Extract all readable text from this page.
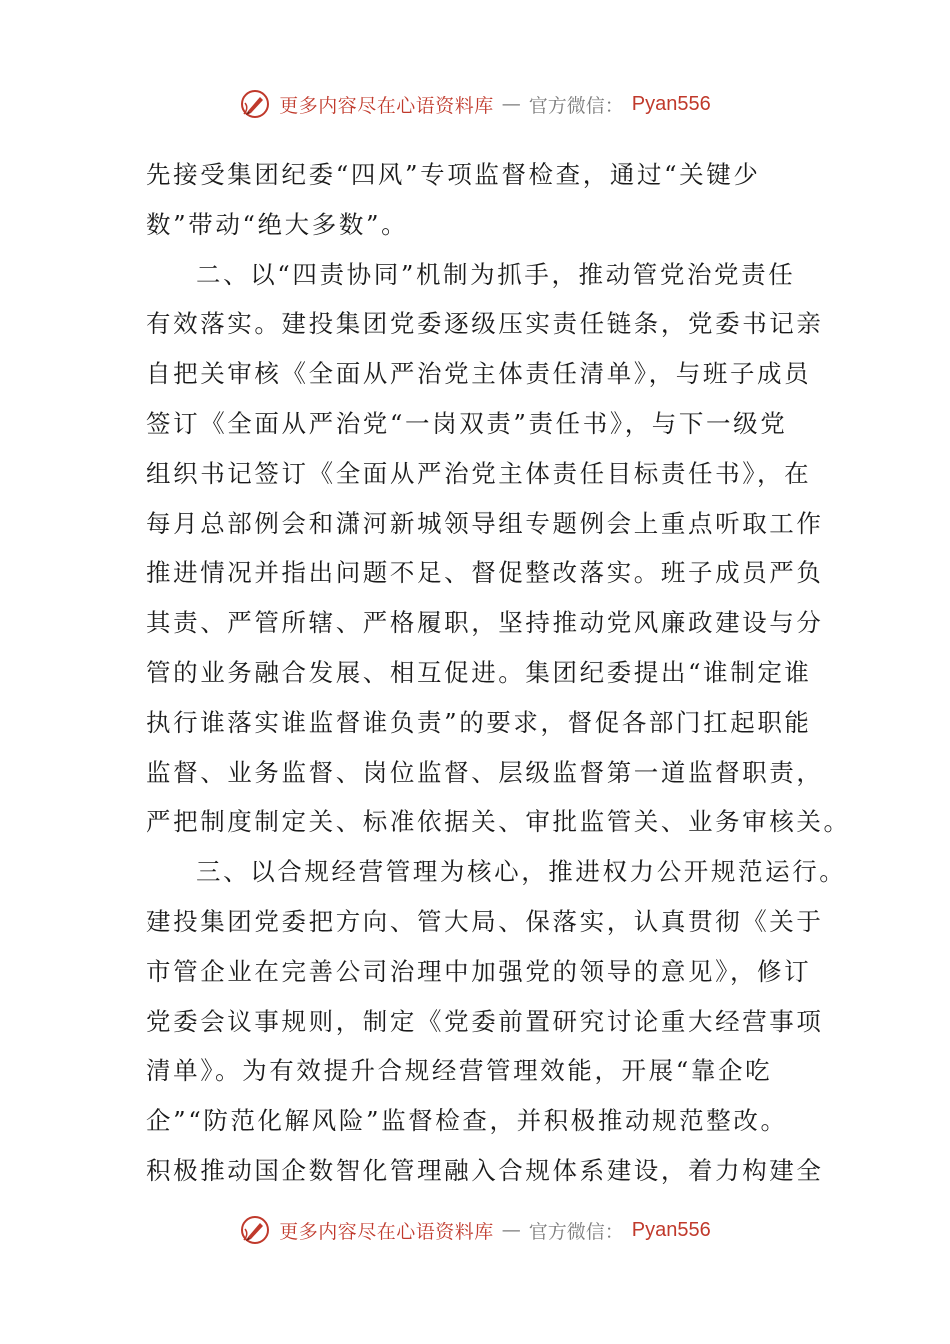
更多内容尽在心语资料库 — 官方微信： Pyan556
先接受集团纪委“四风”专项监督检查，通过“关键少
数”带动“绝大多数”。
二、以“四责协同”机制为抓手，推动管党治党责任
有效落实。建投集团党委逐级压实责任链条，党委书记亲
自把关审核《全面从严治党主体责任清单》，与班子成员
签订《全面从严治党“一岗双责”责任书》，与下一级党
组织书记签订《全面从严治党主体责任目标责任书》，在
每月总部例会和潇河新城领导组专题例会上重点听取工作
推进情况并指出问题不足、督促整改落实。班子成员严负
其责、严管所辖、严格履职，坚持推动党风廉政建设与分
管的业务融合发展、相互促进。集团纪委提出“谁制定谁
执行谁落实谁监督谁负责”的要求，督促各部门扛起职能
监督、业务监督、岗位监督、层级监督第一道监督职责，
严把制度制定关、标准依据关、审批监管关、业务审核关。
三、以合规经营管理为核心，推进权力公开规范运行。
建投集团党委把方向、管大局、保落实，认真贯彻《关于
市管企业在完善公司治理中加强党的领导的意见》，修订
党委会议事规则，制定《党委前置研究讨论重大经营事项
清单》。为有效提升合规经营管理效能，开展“靠企吃
企”“防范化解风险”监督检查，并积极推动规范整改。
积极推动国企数智化管理融入合规体系建设，着力构建全
更多内容尽在心语资料库 — 官方微信： Pyan556
